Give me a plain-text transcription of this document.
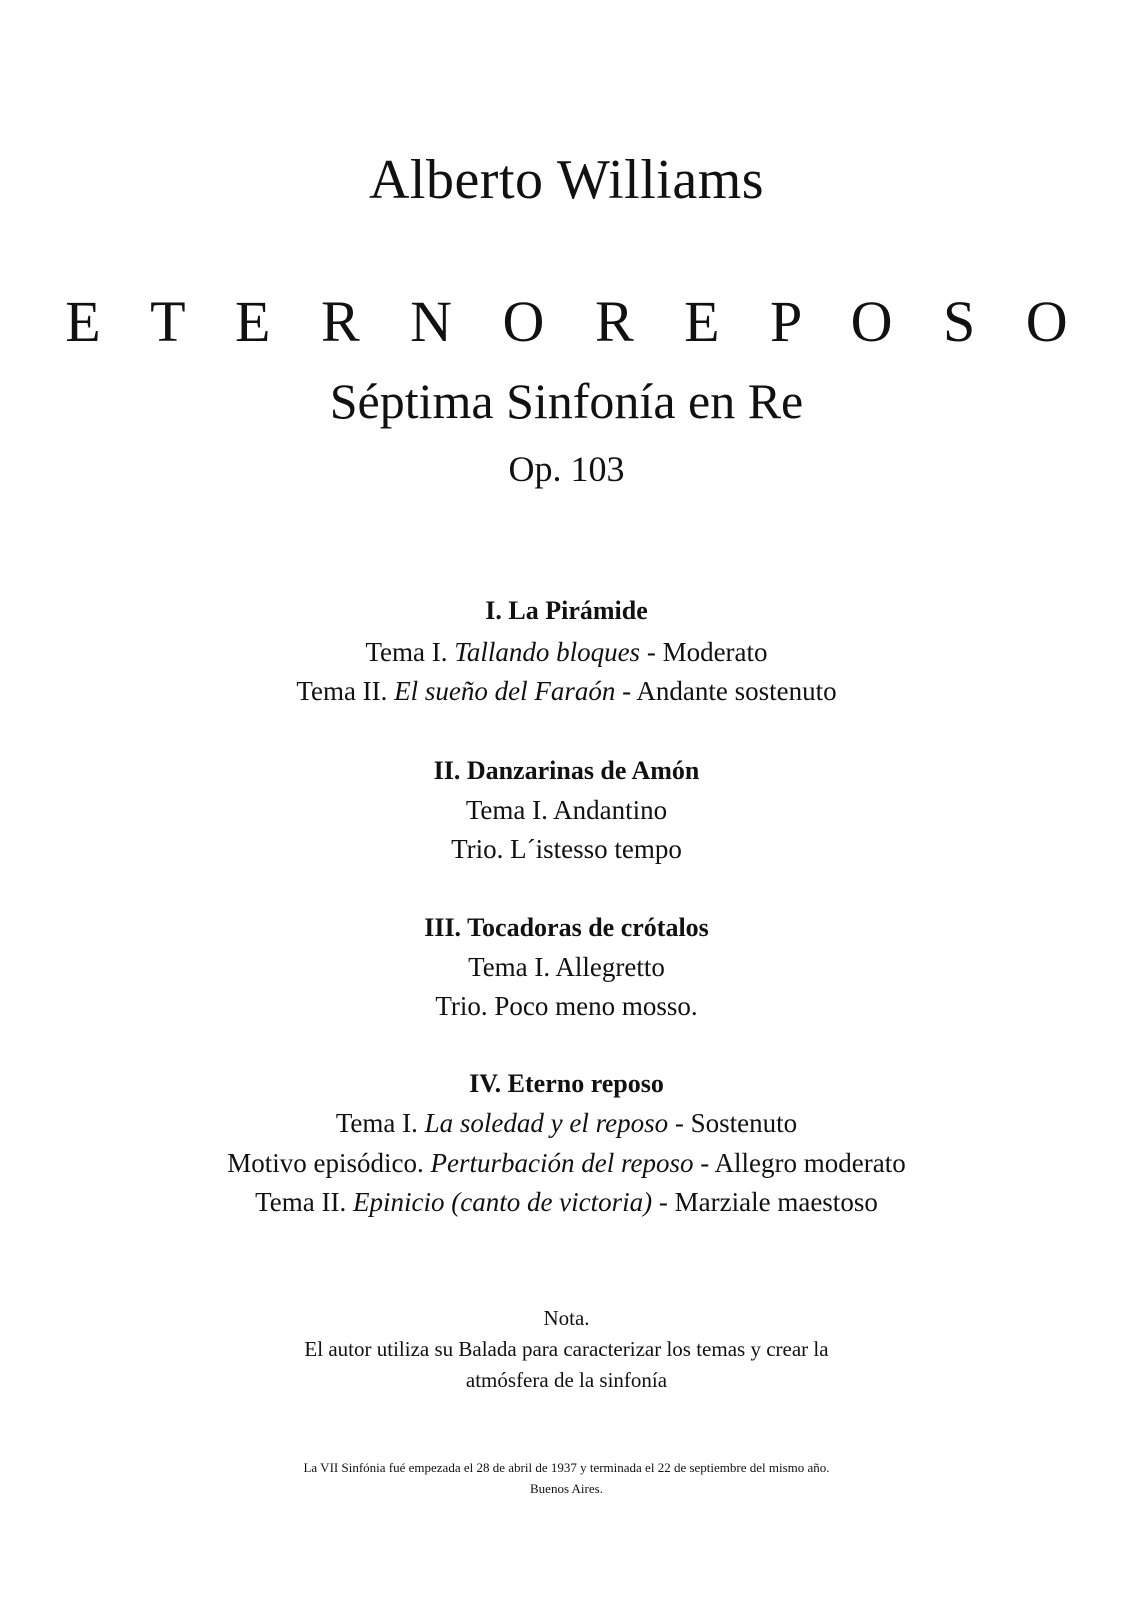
Alberto Williams
E T E R N O R E P O S O
Séptima Sinfonía en Re
Op. 103
I. La Pirámide
Tema I. Tallando bloques - Moderato
Tema II. El sueño del Faraón - Andante sostenuto
II. Danzarinas de Amón
Tema I. Andantino
Trio. L´istesso tempo
III. Tocadoras de crótalos
Tema I. Allegretto
Trio. Poco meno mosso.
IV. Eterno reposo
Tema I. La soledad y el reposo - Sostenuto
Motivo episódico. Perturbación del reposo - Allegro moderato
Tema II. Epinicio (canto de victoria) - Marziale maestoso
Nota.
El autor utiliza su Balada para caracterizar los temas y crear la
atmósfera de la sinfonía
La VII Sinfónia fué empezada el 28 de abril de 1937 y terminada el 22 de septiembre del mismo año.
Buenos Aires.
